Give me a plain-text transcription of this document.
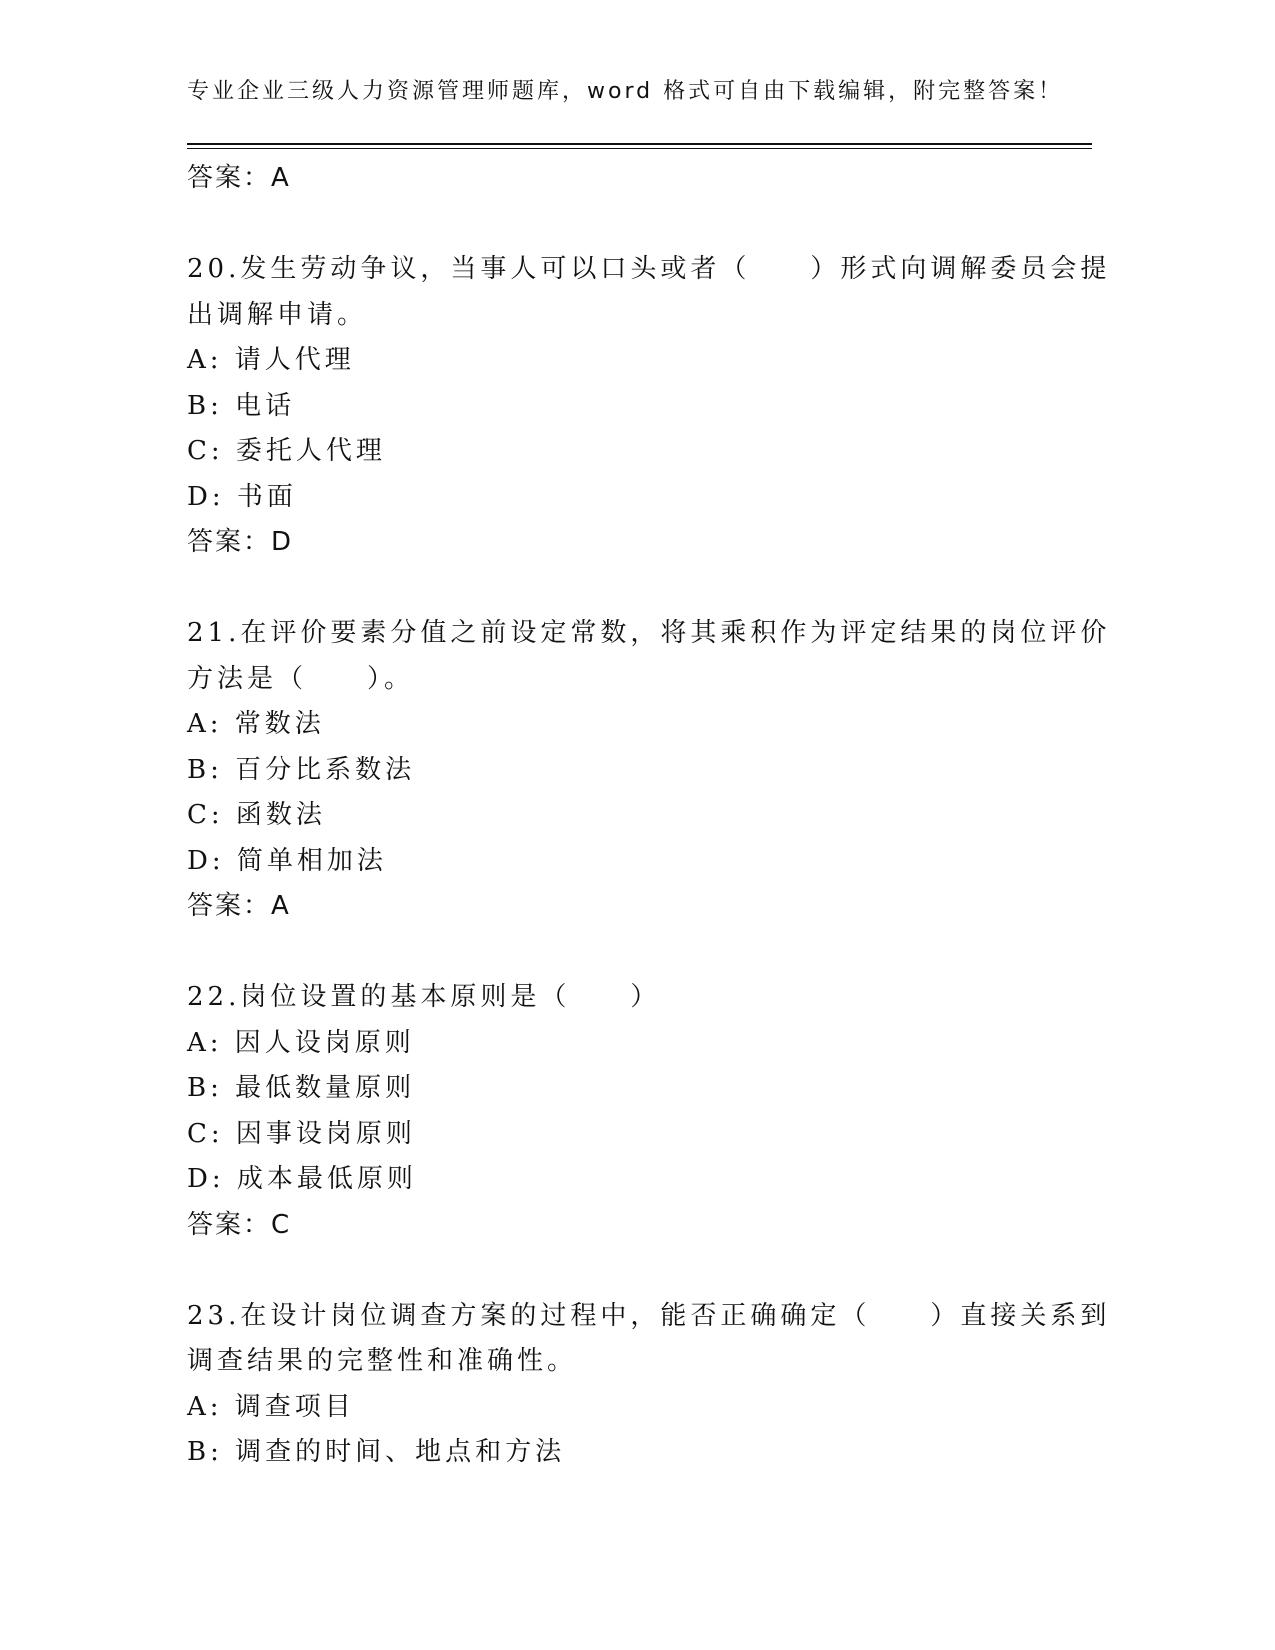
专业企业三级人力资源管理师题库，word 格式可自由下载编辑，附完整答案！
答案：A
20.发生劳动争议，当事人可以口头或者（　　）形式向调解委员会提
出调解申请。
A: 请人代理
B: 电话
C: 委托人代理
D: 书面
答案：D
21.在评价要素分值之前设定常数，将其乘积作为评定结果的岗位评价
方法是（　　）。
A: 常数法
B: 百分比系数法
C: 函数法
D: 简单相加法
答案：A
22.岗位设置的基本原则是（　　）
A: 因人设岗原则
B: 最低数量原则
C: 因事设岗原则
D: 成本最低原则
答案：C
23.在设计岗位调查方案的过程中，能否正确确定（　　）直接关系到
调查结果的完整性和准确性。
A: 调查项目
B: 调查的时间、地点和方法
